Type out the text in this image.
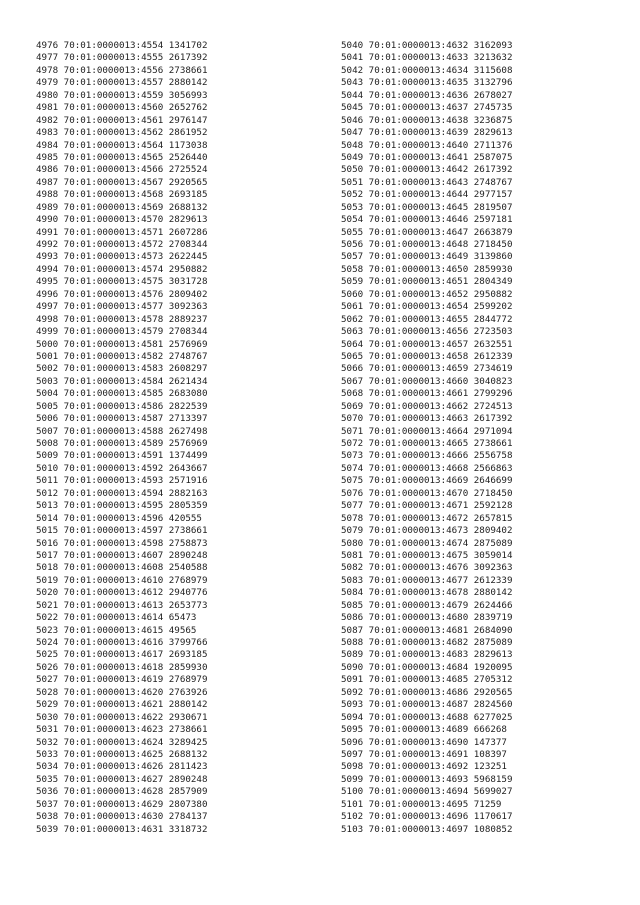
4976 70:01:0000013:4554 1341702
4977 70:01:0000013:4555 2617392
4978 70:01:0000013:4556 2738661
4979 70:01:0000013:4557 2880142
4980 70:01:0000013:4559 3056993
4981 70:01:0000013:4560 2652762
4982 70:01:0000013:4561 2976147
4983 70:01:0000013:4562 2861952
4984 70:01:0000013:4564 1173038
4985 70:01:0000013:4565 2526440
4986 70:01:0000013:4566 2725524
4987 70:01:0000013:4567 2920565
4988 70:01:0000013:4568 2693185
4989 70:01:0000013:4569 2688132
4990 70:01:0000013:4570 2829613
4991 70:01:0000013:4571 2607286
4992 70:01:0000013:4572 2708344
4993 70:01:0000013:4573 2622445
4994 70:01:0000013:4574 2950882
4995 70:01:0000013:4575 3031728
4996 70:01:0000013:4576 2809402
4997 70:01:0000013:4577 3092363
4998 70:01:0000013:4578 2889237
4999 70:01:0000013:4579 2708344
5000 70:01:0000013:4581 2576969
5001 70:01:0000013:4582 2748767
5002 70:01:0000013:4583 2608297
5003 70:01:0000013:4584 2621434
5004 70:01:0000013:4585 2683080
5005 70:01:0000013:4586 2822539
5006 70:01:0000013:4587 2713397
5007 70:01:0000013:4588 2627498
5008 70:01:0000013:4589 2576969
5009 70:01:0000013:4591 1374499
5010 70:01:0000013:4592 2643667
5011 70:01:0000013:4593 2571916
5012 70:01:0000013:4594 2882163
5013 70:01:0000013:4595 2805359
5014 70:01:0000013:4596 420555
5015 70:01:0000013:4597 2738661
5016 70:01:0000013:4598 2758873
5017 70:01:0000013:4607 2890248
5018 70:01:0000013:4608 2540588
5019 70:01:0000013:4610 2768979
5020 70:01:0000013:4612 2940776
5021 70:01:0000013:4613 2653773
5022 70:01:0000013:4614 65473
5023 70:01:0000013:4615 49565
5024 70:01:0000013:4616 3799766
5025 70:01:0000013:4617 2693185
5026 70:01:0000013:4618 2859930
5027 70:01:0000013:4619 2768979
5028 70:01:0000013:4620 2763926
5029 70:01:0000013:4621 2880142
5030 70:01:0000013:4622 2930671
5031 70:01:0000013:4623 2738661
5032 70:01:0000013:4624 3289425
5033 70:01:0000013:4625 2688132
5034 70:01:0000013:4626 2811423
5035 70:01:0000013:4627 2890248
5036 70:01:0000013:4628 2857909
5037 70:01:0000013:4629 2807380
5038 70:01:0000013:4630 2784137
5039 70:01:0000013:4631 3318732
5040 70:01:0000013:4632 3162093
5041 70:01:0000013:4633 3213632
5042 70:01:0000013:4634 3115608
5043 70:01:0000013:4635 3132796
5044 70:01:0000013:4636 2678027
5045 70:01:0000013:4637 2745735
5046 70:01:0000013:4638 3236875
5047 70:01:0000013:4639 2829613
5048 70:01:0000013:4640 2711376
5049 70:01:0000013:4641 2587075
5050 70:01:0000013:4642 2617392
5051 70:01:0000013:4643 2748767
5052 70:01:0000013:4644 2977157
5053 70:01:0000013:4645 2819507
5054 70:01:0000013:4646 2597181
5055 70:01:0000013:4647 2663879
5056 70:01:0000013:4648 2718450
5057 70:01:0000013:4649 3139860
5058 70:01:0000013:4650 2859930
5059 70:01:0000013:4651 2804349
5060 70:01:0000013:4652 2950882
5061 70:01:0000013:4654 2599202
5062 70:01:0000013:4655 2844772
5063 70:01:0000013:4656 2723503
5064 70:01:0000013:4657 2632551
5065 70:01:0000013:4658 2612339
5066 70:01:0000013:4659 2734619
5067 70:01:0000013:4660 3040823
5068 70:01:0000013:4661 2799296
5069 70:01:0000013:4662 2724513
5070 70:01:0000013:4663 2617392
5071 70:01:0000013:4664 2971094
5072 70:01:0000013:4665 2738661
5073 70:01:0000013:4666 2556758
5074 70:01:0000013:4668 2566863
5075 70:01:0000013:4669 2646699
5076 70:01:0000013:4670 2718450
5077 70:01:0000013:4671 2592128
5078 70:01:0000013:4672 2657815
5079 70:01:0000013:4673 2809402
5080 70:01:0000013:4674 2875089
5081 70:01:0000013:4675 3059014
5082 70:01:0000013:4676 3092363
5083 70:01:0000013:4677 2612339
5084 70:01:0000013:4678 2880142
5085 70:01:0000013:4679 2624466
5086 70:01:0000013:4680 2839719
5087 70:01:0000013:4681 2684090
5088 70:01:0000013:4682 2875089
5089 70:01:0000013:4683 2829613
5090 70:01:0000013:4684 1920095
5091 70:01:0000013:4685 2705312
5092 70:01:0000013:4686 2920565
5093 70:01:0000013:4687 2824560
5094 70:01:0000013:4688 6277025
5095 70:01:0000013:4689 666268
5096 70:01:0000013:4690 147377
5097 70:01:0000013:4691 108397
5098 70:01:0000013:4692 123251
5099 70:01:0000013:4693 5968159
5100 70:01:0000013:4694 5699027
5101 70:01:0000013:4695 71259
5102 70:01:0000013:4696 1170617
5103 70:01:0000013:4697 1080852
